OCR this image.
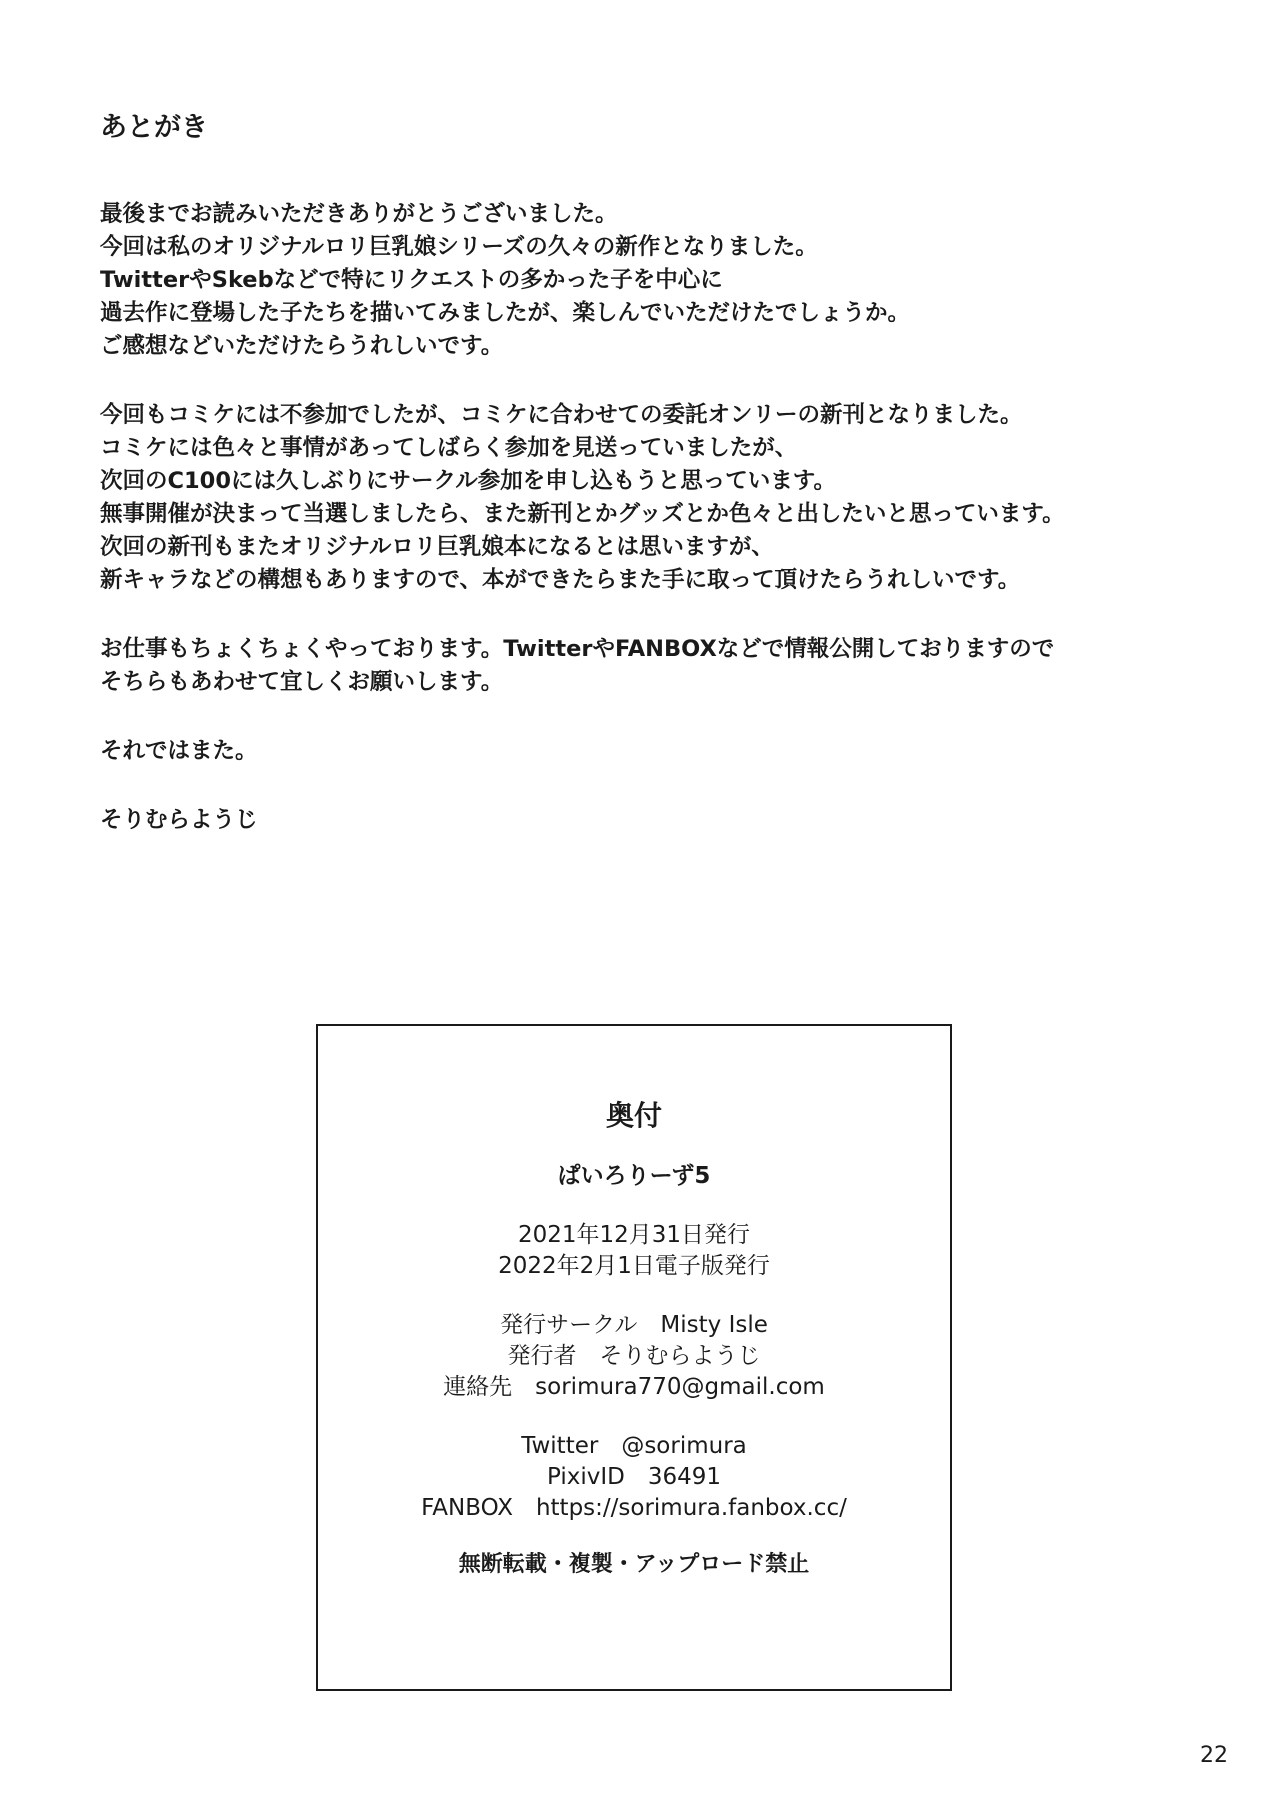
あとがき

最後までお読みいただきありがとうございました。
今回は私のオリジナルロリ巨乳娘シリーズの久々の新作となりました。
TwitterやSkebなどで特にリクエストの多かった子を中心に
過去作に登場した子たちを描いてみましたが、楽しんでいただけたでしょうか。
ご感想などいただけたらうれしいです。

今回もコミケには不参加でしたが、コミケに合わせての委託オンリーの新刊となりました。
コミケには色々と事情があってしばらく参加を見送っていましたが、
次回のC100には久しぶりにサークル参加を申し込もうと思っています。
無事開催が決まって当選しましたら、また新刊とかグッズとか色々と出したいと思っています。
次回の新刊もまたオリジナルロリ巨乳娘本になるとは思いますが、
新キャラなどの構想もありますので、本ができたらまた手に取って頂けたらうれしいです。

お仕事もちょくちょくやっております。TwitterやFANBOXなどで情報公開しておりますので
そちらもあわせて宜しくお願いします。

それではまた。

そりむらようじ
奥付
ぱいろりーず5
2021年12月31日発行
2022年2月1日電子版発行
発行サークル　Misty Isle
発行者　そりむらようじ
連絡先　sorimura770@gmail.com
Twitter　@sorimura
PixivID　36491
FANBOX　https://sorimura.fanbox.cc/
無断転載・複製・アップロード禁止
22
